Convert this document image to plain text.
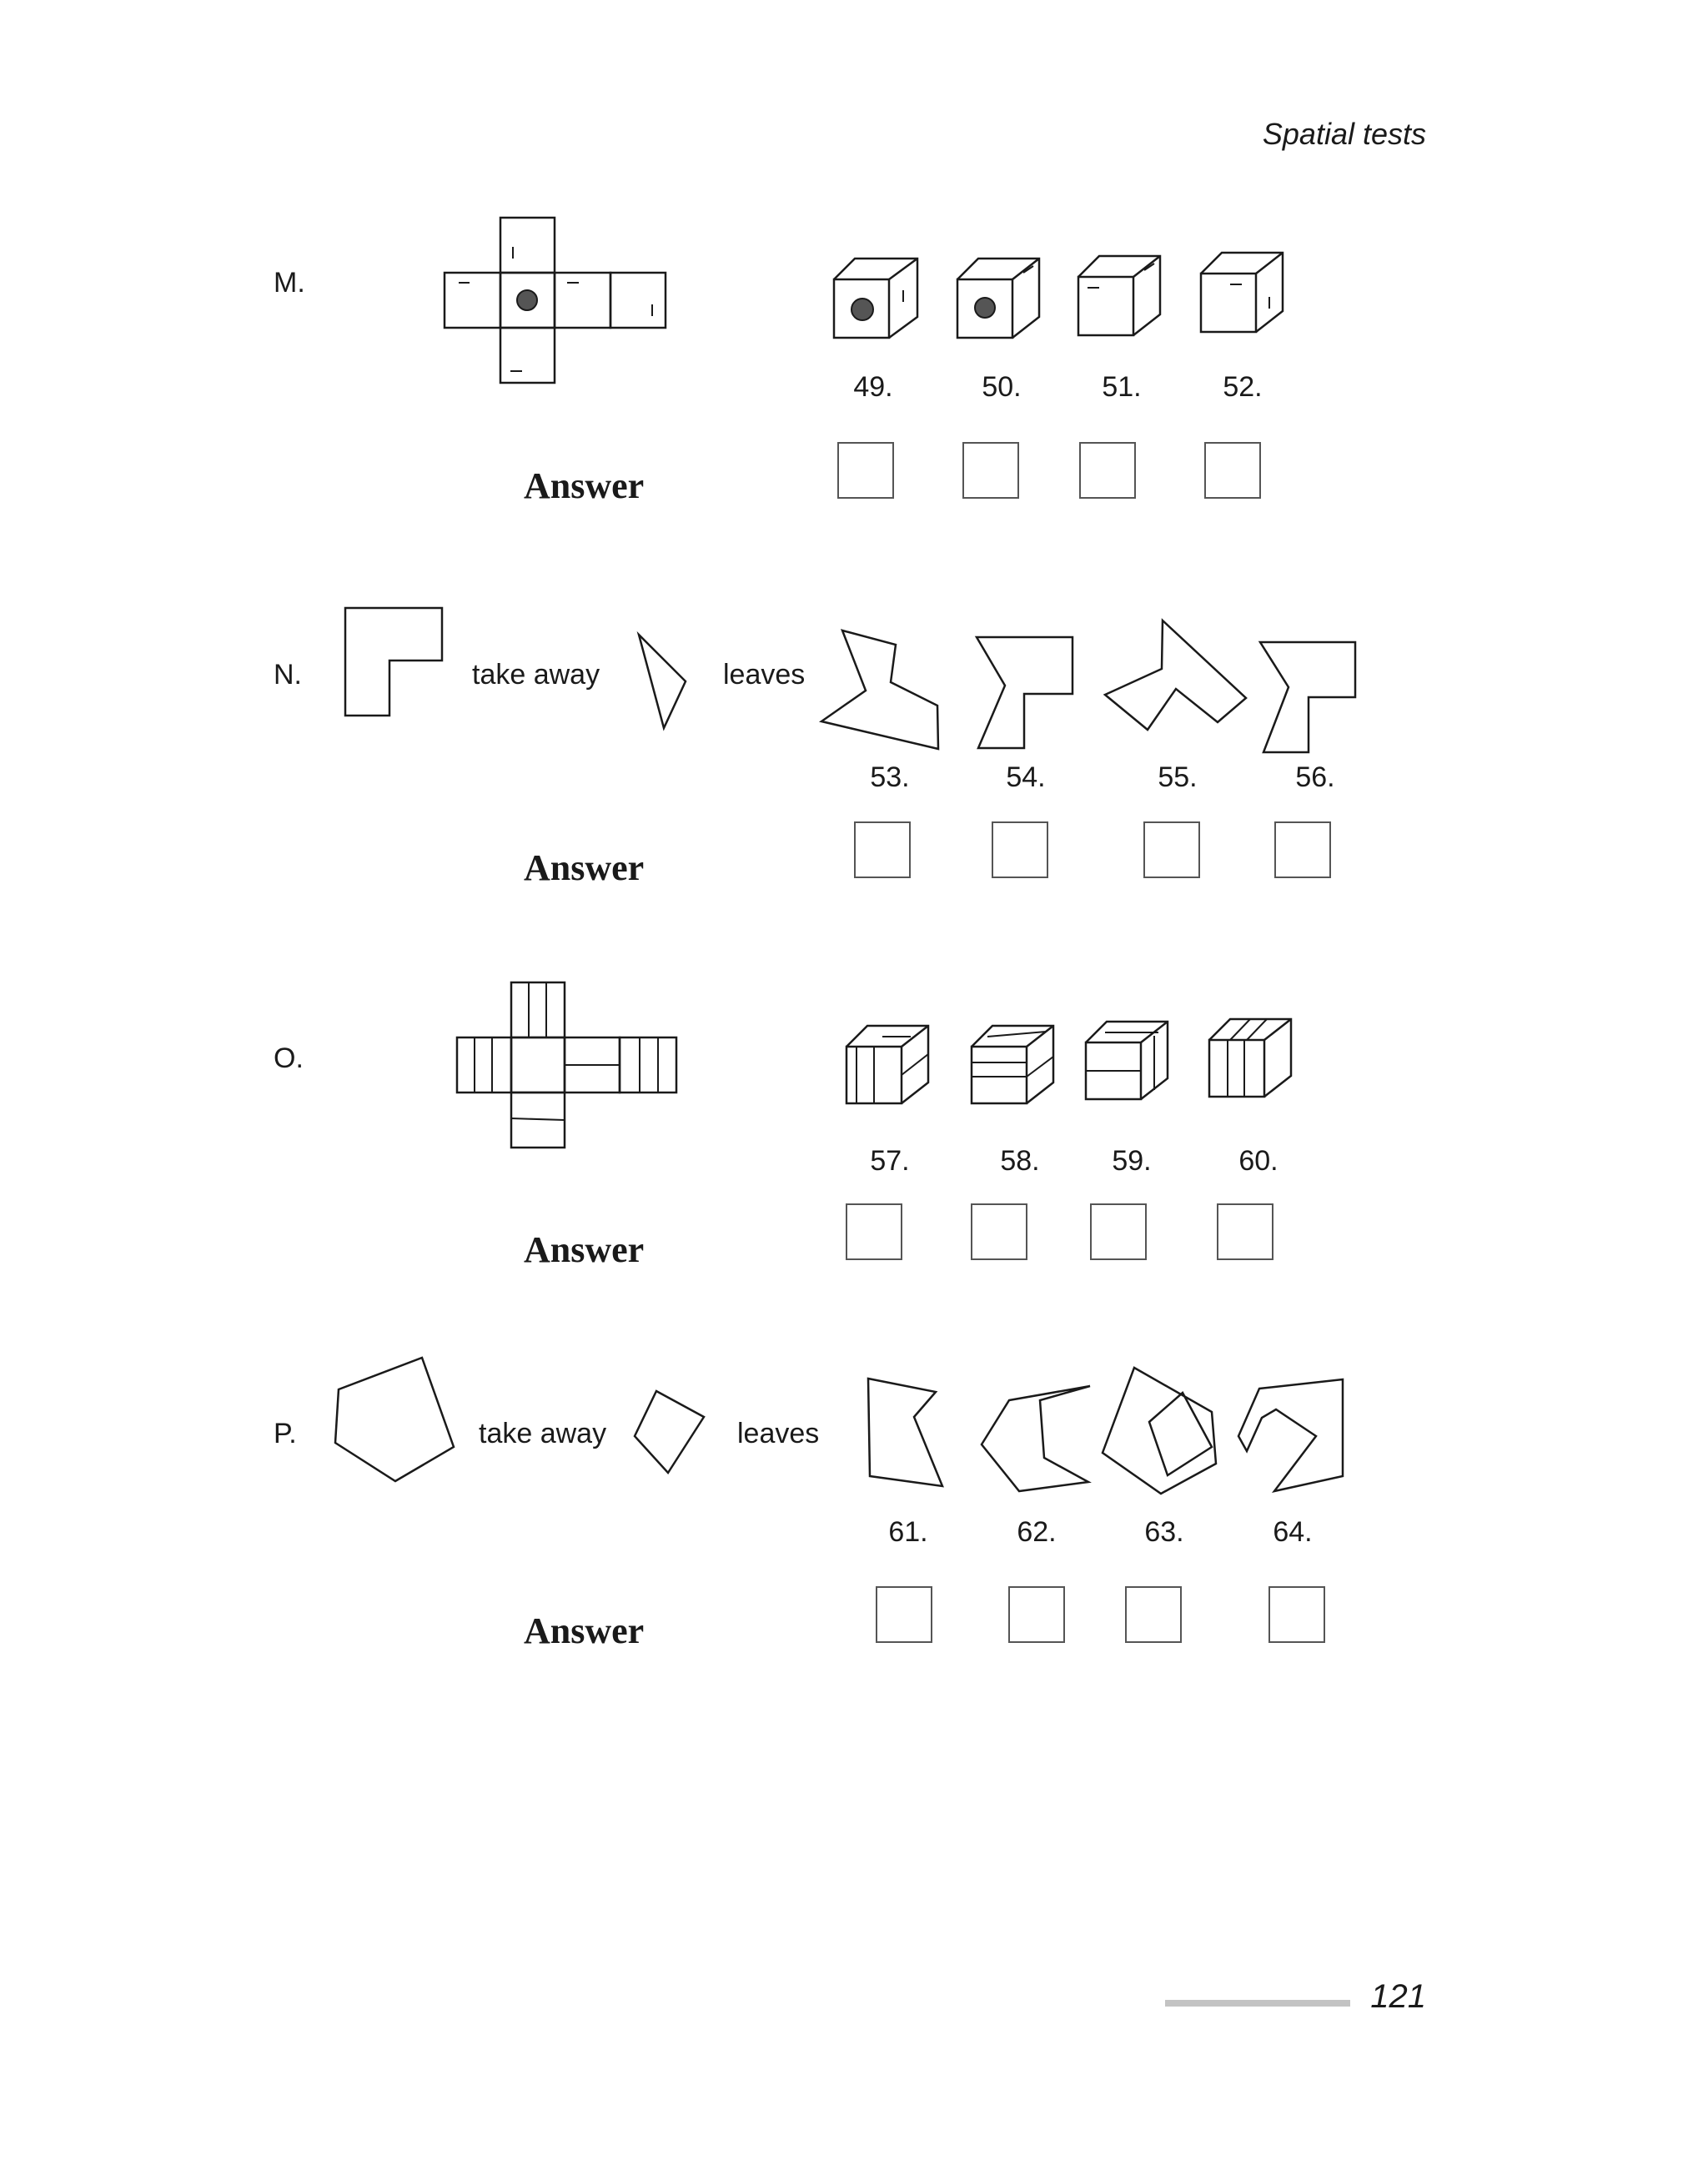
Spatial tests
M.
49.	50.	51.	52.
Answer
N.	take away	leaves
53.	54.	55.	56.
Answer
O.
57.	58.	59.	60.
Answer
P.	take away	leaves
61.	62.	63.	64.
Answer
121
